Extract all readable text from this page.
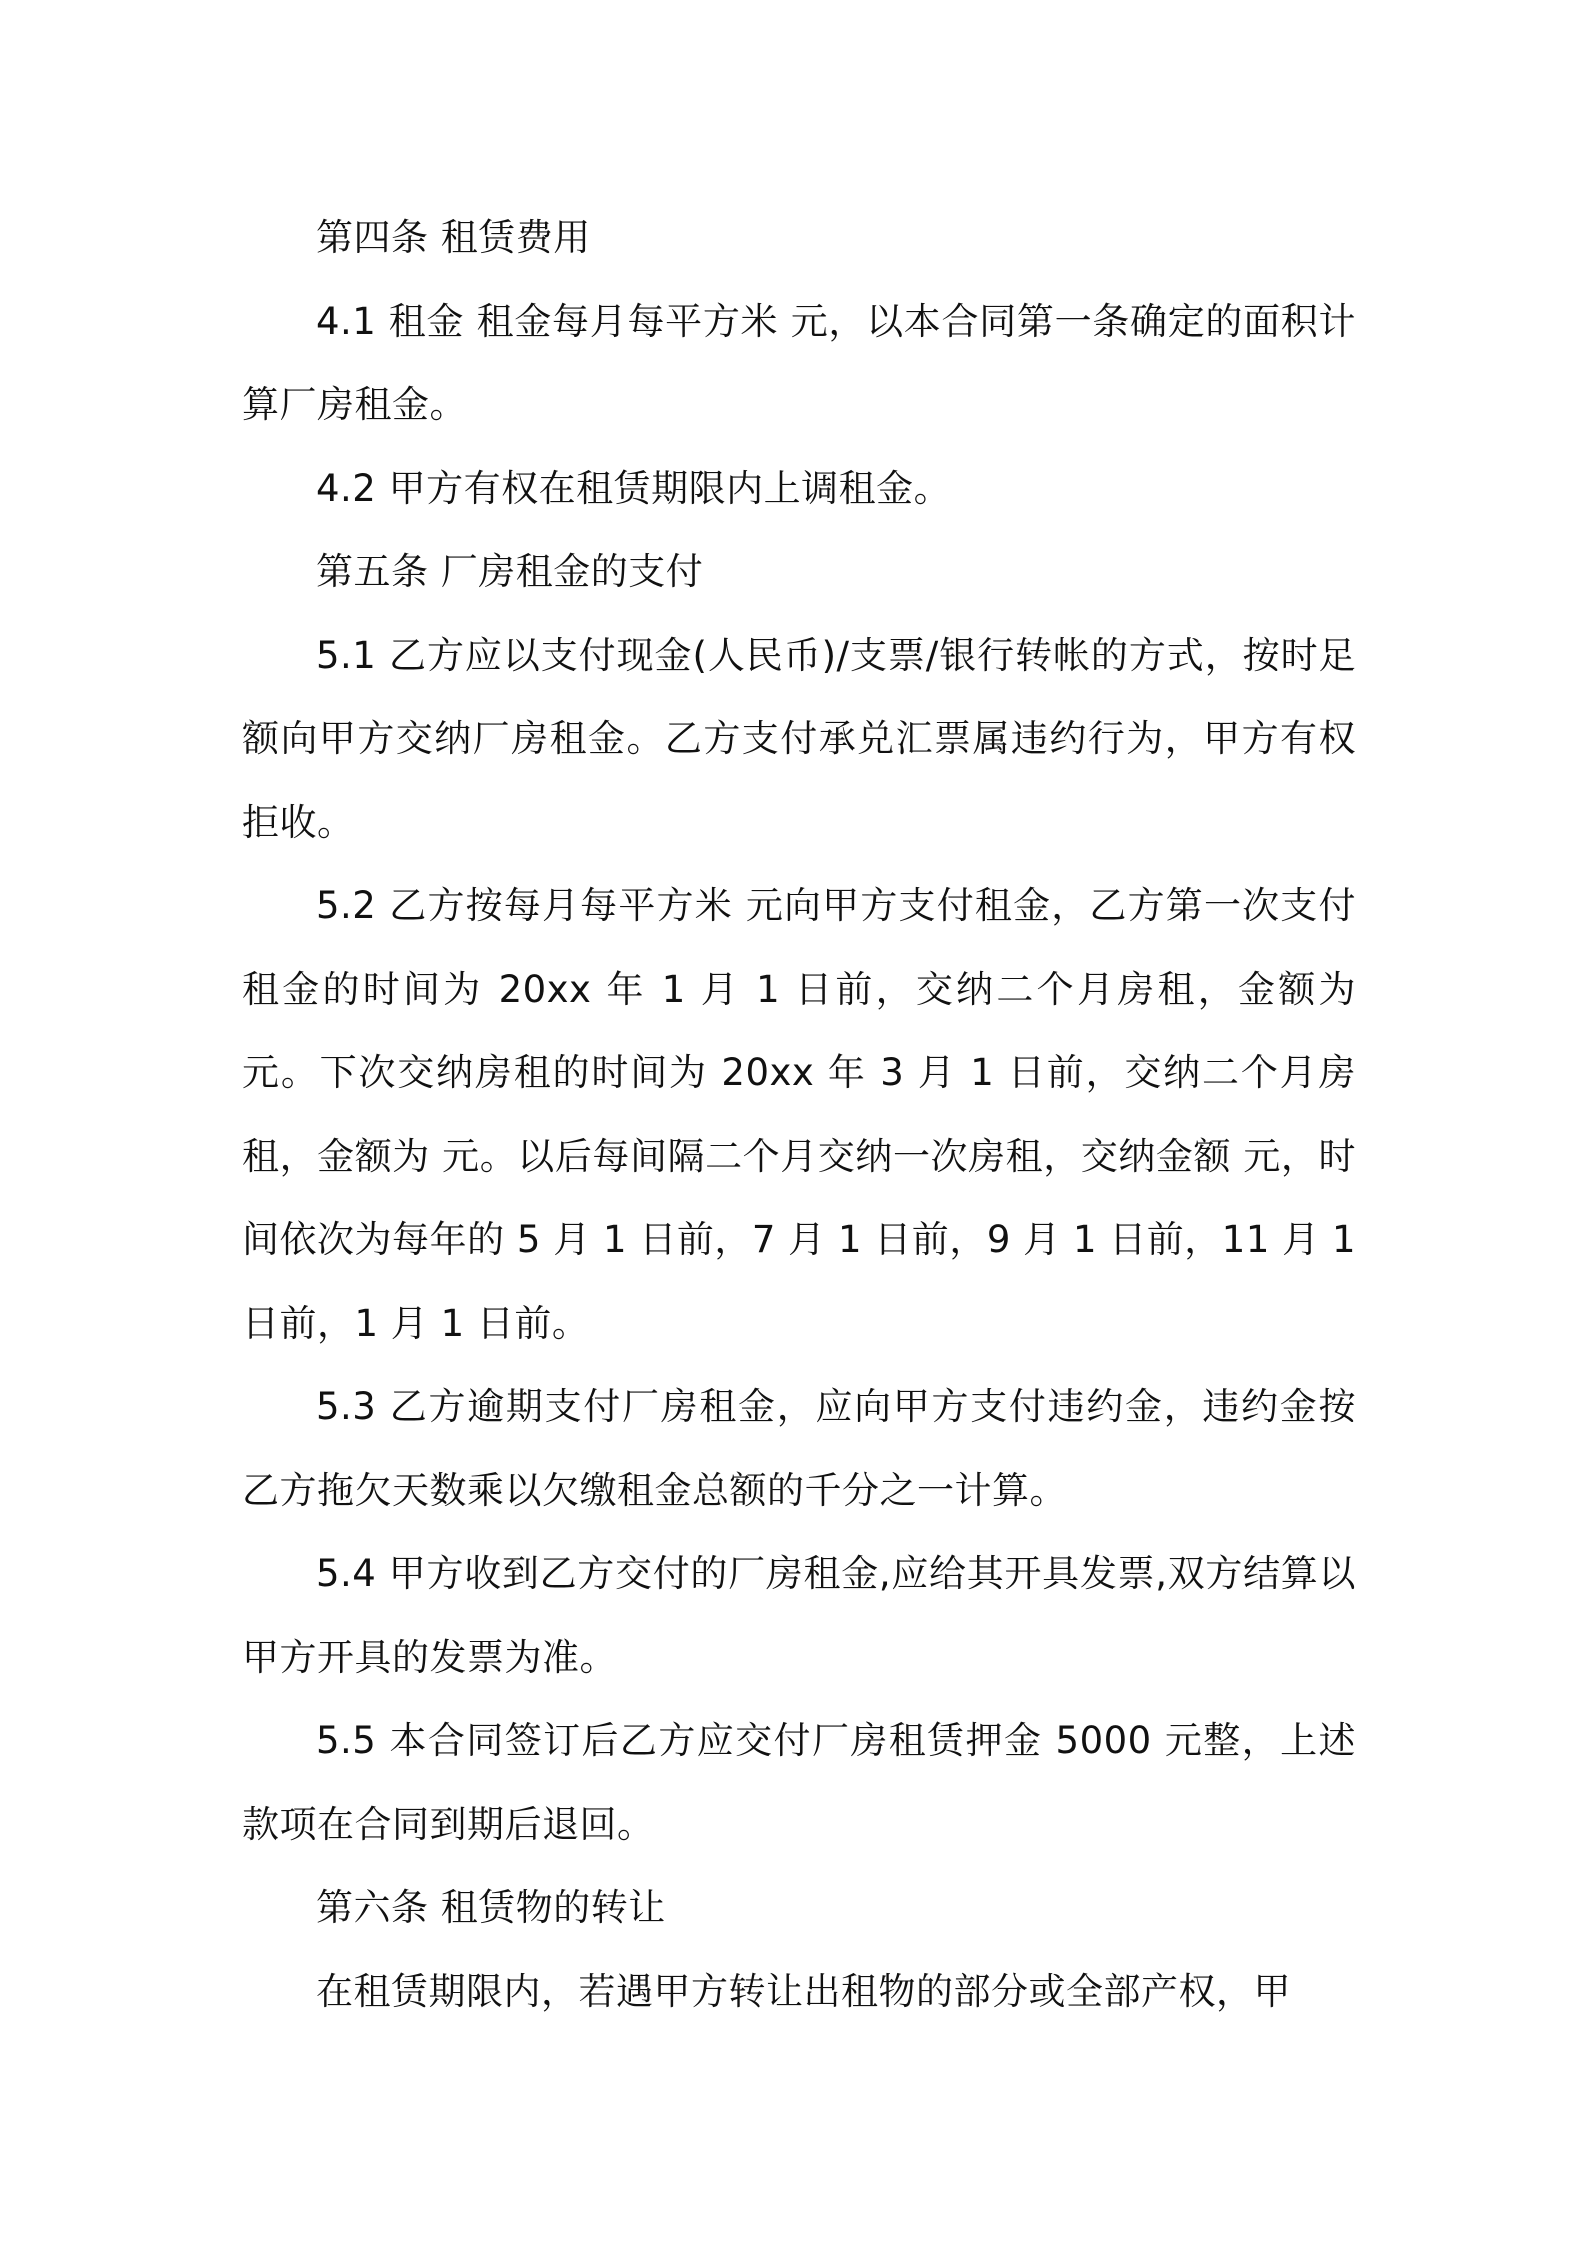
第四条 租赁费用

4.1 租金 租金每月每平方米 元，以本合同第一条确定的面积计算厂房租金。

4.2 甲方有权在租赁期限内上调租金。

第五条 厂房租金的支付

5.1 乙方应以支付现金(人民币)/支票/银行转帐的方式，按时足额向甲方交纳厂房租金。乙方支付承兑汇票属违约行为，甲方有权拒收。

5.2 乙方按每月每平方米 元向甲方支付租金，乙方第一次支付租金的时间为 20xx 年 1 月 1 日前，交纳二个月房租，金额为 元。下次交纳房租的时间为 20xx 年 3 月 1 日前，交纳二个月房租，金额为 元。以后每间隔二个月交纳一次房租，交纳金额 元，时间依次为每年的 5 月 1 日前，7 月 1 日前，9 月 1 日前，11 月 1 日前，1 月 1 日前。

5.3 乙方逾期支付厂房租金，应向甲方支付违约金，违约金按乙方拖欠天数乘以欠缴租金总额的千分之一计算。

5.4 甲方收到乙方交付的厂房租金,应给其开具发票,双方结算以甲方开具的发票为准。

5.5 本合同签订后乙方应交付厂房租赁押金 5000 元整，上述款项在合同到期后退回。

第六条 租赁物的转让

在租赁期限内，若遇甲方转让出租物的部分或全部产权，甲
